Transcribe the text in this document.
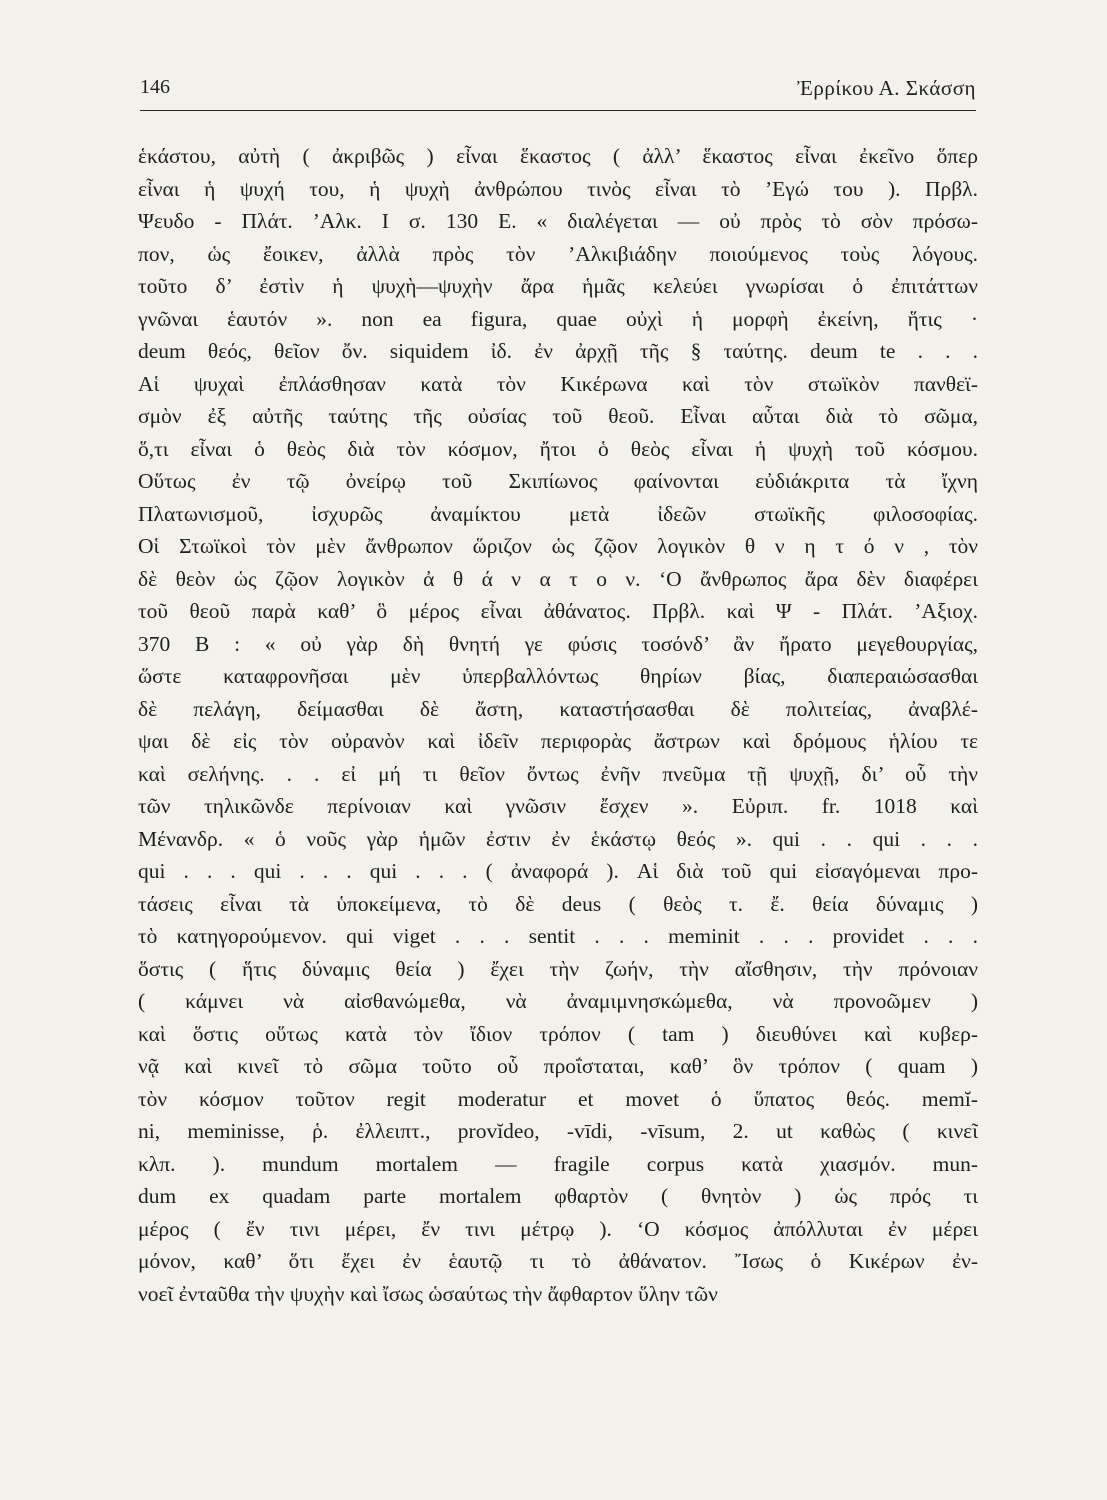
146	Ἐρρίκου Α. Σκάσση
ἑκάστου, αὐτὴ ( ἀκριβῶς ) εἶναι ἕκαστος ( ἀλλ’ ἕκαστος εἶναι ἐκεῖνο ὅπερ
εἶναι ἡ ψυχή του, ἡ ψυχὴ ἀνθρώπου τινὸς εἶναι τὸ ’Εγώ του ). Πρβλ.
Ψευδο - Πλάτ. ’Αλκ. Ι σ. 130 Ε. « διαλέγεται — οὐ πρὸς τὸ σὸν πρόσω-
πον, ὡς ἔοικεν, ἀλλὰ πρὸς τὸν ’Αλκιβιάδην ποιούμενος τοὺς λόγους.
τοῦτο δ’ ἐστὶν ἡ ψυχὴ—ψυχὴν ἄρα ἡμᾶς κελεύει γνωρίσαι ὁ ἐπιτάττων
γνῶναι ἑαυτόν ». non ea figura, quae οὐχὶ ἡ μορφὴ ἐκείνη, ἥτις ·
deum θεός, θεῖον ὄν. siquidem ἰδ. ἐν ἀρχῇ τῆς § ταύτης. deum te . . .
Αἱ ψυχαὶ ἐπλάσθησαν κατὰ τὸν Κικέρωνα καὶ τὸν στωϊκὸν πανθεϊ-
σμὸν ἐξ αὐτῆς ταύτης τῆς οὐσίας τοῦ θεοῦ. Εἶναι αὗται διὰ τὸ σῶμα,
ὅ,τι εἶναι ὁ θεὸς διὰ τὸν κόσμον, ἤτοι ὁ θεὸς εἶναι ἡ ψυχὴ τοῦ κόσμου.
Οὕτως ἐν τῷ ὀνείρῳ τοῦ Σκιπίωνος φαίνονται εὐδιάκριτα τὰ ἴχνη
Πλατωνισμοῦ, ἰσχυρῶς ἀναμίκτου μετὰ ἰδεῶν στωϊκῆς φιλοσοφίας.
Οἱ Στωϊκοὶ τὸν μὲν ἄνθρωπον ὥριζον ὡς ζῷον λογικὸν θ ν η τ ό ν , τὸν
δὲ θεὸν ὡς ζῷον λογικὸν ἀ θ ά ν α τ ο ν. ‘Ο ἄνθρωπος ἄρα δὲν διαφέρει
τοῦ θεοῦ παρὰ καθ’ ὃ μέρος εἶναι ἀθάνατος. Πρβλ. καὶ Ψ - Πλάτ. ’Αξιοχ.
370 Β : « οὐ γὰρ δὴ θνητή γε φύσις τοσόνδ’ ἂν ἤρατο μεγεθουργίας,
ὥστε καταφρονῆσαι μὲν ὑπερβαλλόντως θηρίων βίας, διαπεραιώσασθαι
δὲ πελάγη, δείμασθαι δὲ ἄστη, καταστήσασθαι δὲ πολιτείας, ἀναβλέ-
ψαι δὲ εἰς τὸν οὐρανὸν καὶ ἰδεῖν περιφορὰς ἄστρων καὶ δρόμους ἡλίου τε
καὶ σελήνης. . . εἰ μή τι θεῖον ὄντως ἐνῆν πνεῦμα τῇ ψυχῇ, δι’ οὗ τὴν
τῶν τηλικῶνδε περίνοιαν καὶ γνῶσιν ἔσχεν ». Εὐριπ. fr. 1018 καὶ
Μένανδρ. « ὁ νοῦς γὰρ ἡμῶν ἐστιν ἐν ἑκάστῳ θεός ». qui . . qui . . .
qui . . . qui . . . qui . . . ( ἀναφορά ). Αἱ διὰ τοῦ qui εἰσαγόμεναι προ-
τάσεις εἶναι τὰ ὑποκείμενα, τὸ δὲ deus ( θεὸς τ. ἔ. θεία δύναμις )
τὸ κατηγορούμενον. qui viget . . . sentit . . . meminit . . . providet . . .
ὅστις ( ἥτις δύναμις θεία ) ἔχει τὴν ζωήν, τὴν αἴσθησιν, τὴν πρόνοιαν
( κάμνει νὰ αἰσθανώμεθα, νὰ ἀναμιμνησκώμεθα, νὰ προνοῶμεν )
καὶ ὅστις οὕτως κατὰ τὸν ἴδιον τρόπον ( tam ) διευθύνει καὶ κυβερ-
νᾷ καὶ κινεῖ τὸ σῶμα τοῦτο οὗ προΐσταται, καθ’ ὃν τρόπον ( quam )
τὸν κόσμον τοῦτον regit moderatur et movet ὁ ὕπατος θεός. memĭ-
ni, meminisse, ῥ. ἐλλειπτ., provĭdeo, -vīdi, -vīsum, 2. ut καθὼς ( κινεῖ
κλπ. ). mundum mortalem — fragile corpus κατὰ χιασμόν. mun-
dum ex quadam parte mortalem φθαρτὸν ( θνητὸν ) ὡς πρός τι
μέρος ( ἔν τινι μέρει, ἔν τινι μέτρῳ ). ‘Ο κόσμος ἀπόλλυται ἐν μέρει
μόνον, καθ’ ὅτι ἔχει ἐν ἑαυτῷ τι τὸ ἀθάνατον. ῎Ισως ὁ Κικέρων ἐν-
νοεῖ ἐνταῦθα τὴν ψυχὴν καὶ ἴσως ὡσαύτως τὴν ἄφθαρτον ὕλην τῶν
